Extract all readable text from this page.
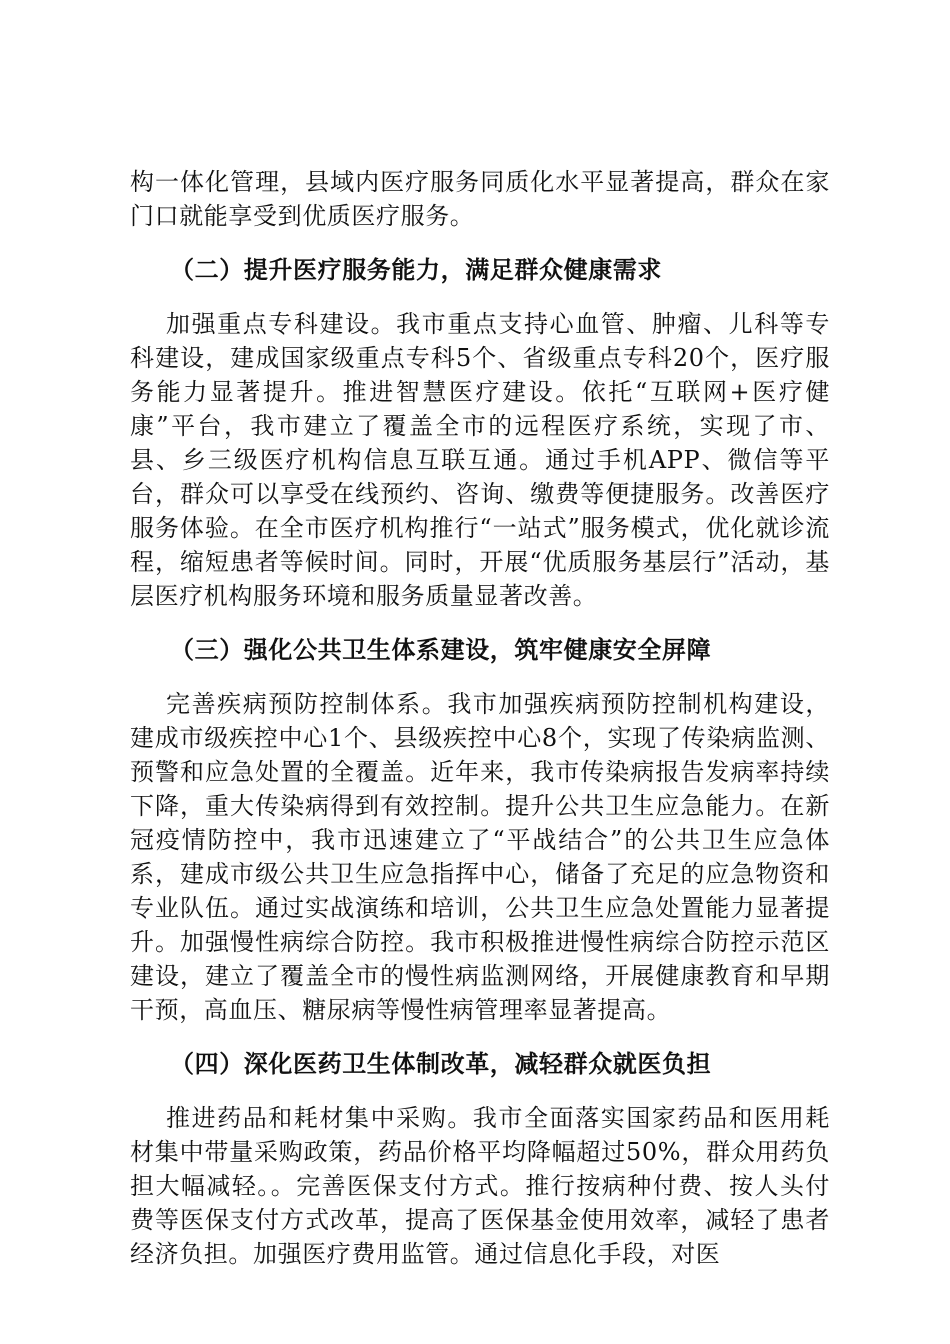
构一体化管理，县域内医疗服务同质化水平显著提高，群众在家门口就能享受到优质医疗服务。

（二）提升医疗服务能力，满足群众健康需求

加强重点专科建设。我市重点支持心血管、肿瘤、儿科等专科建设，建成国家级重点专科5个、省级重点专科20个，医疗服务能力显著提升。推进智慧医疗建设。依托“互联网+医疗健康”平台，我市建立了覆盖全市的远程医疗系统，实现了市、县、乡三级医疗机构信息互联互通。通过手机APP、微信等平台，群众可以享受在线预约、咨询、缴费等便捷服务。改善医疗服务体验。在全市医疗机构推行“一站式”服务模式，优化就诊流程，缩短患者等候时间。同时，开展“优质服务基层行”活动，基层医疗机构服务环境和服务质量显著改善。

（三）强化公共卫生体系建设，筑牢健康安全屏障

完善疾病预防控制体系。我市加强疾病预防控制机构建设，建成市级疾控中心1个、县级疾控中心8个，实现了传染病监测、预警和应急处置的全覆盖。近年来，我市传染病报告发病率持续下降，重大传染病得到有效控制。提升公共卫生应急能力。在新冠疫情防控中，我市迅速建立了“平战结合”的公共卫生应急体系，建成市级公共卫生应急指挥中心，储备了充足的应急物资和专业队伍。通过实战演练和培训，公共卫生应急处置能力显著提升。加强慢性病综合防控。我市积极推进慢性病综合防控示范区建设，建立了覆盖全市的慢性病监测网络，开展健康教育和早期干预，高血压、糖尿病等慢性病管理率显著提高。

（四）深化医药卫生体制改革，减轻群众就医负担

推进药品和耗材集中采购。我市全面落实国家药品和医用耗材集中带量采购政策，药品价格平均降幅超过50%，群众用药负担大幅减轻。。完善医保支付方式。推行按病种付费、按人头付费等医保支付方式改革，提高了医保基金使用效率，减轻了患者经济负担。加强医疗费用监管。通过信息化手段，对医
